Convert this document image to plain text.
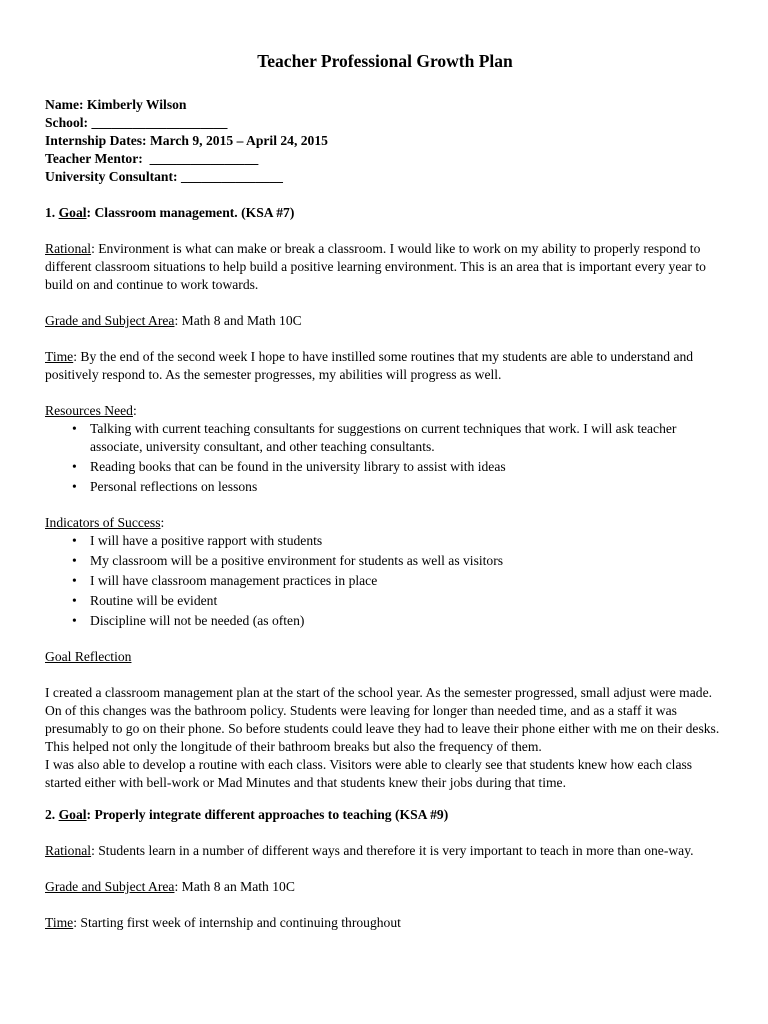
Teacher Professional Growth Plan
Name: Kimberly Wilson
School: ____________________
Internship Dates: March 9, 2015 – April 24, 2015
Teacher Mentor:  ________________
University Consultant: _______________
1. Goal: Classroom management. (KSA #7)

Rational: Environment is what can make or break a classroom. I would like to work on my ability to properly respond to different classroom situations to help build a positive learning environment. This is an area that is important every year to build on and continue to work towards.

Grade and Subject Area: Math 8 and Math 10C

Time: By the end of the second week I hope to have instilled some routines that my students are able to understand and positively respond to. As the semester progresses, my abilities will progress as well.

Resources Need:

• Talking with current teaching consultants for suggestions on current techniques that work. I will ask teacher associate, university consultant, and other teaching consultants.
• Reading books that can be found in the university library to assist with ideas
• Personal reflections on lessons

Indicators of Success:

• I will have a positive rapport with students
• My classroom will be a positive environment for students as well as visitors
• I will have classroom management practices in place
• Routine will be evident
• Discipline will not be needed (as often)

Goal Reflection

I created a classroom management plan at the start of the school year. As the semester progressed, small adjust were made. On of this changes was the bathroom policy. Students were leaving for longer than needed time, and as a staff it was presumably to go on their phone. So before students could leave they had to leave their phone either with me on their desks. This helped not only the longitude of their bathroom breaks but also the frequency of them.

I was also able to develop a routine with each class. Visitors were able to clearly see that students knew how each class started either with bell-work or Mad Minutes and that students knew their jobs during that time.

2. Goal: Properly integrate different approaches to teaching (KSA #9)

Rational: Students learn in a number of different ways and therefore it is very important to teach in more than one-way.

Grade and Subject Area: Math 8 an Math 10C

Time: Starting first week of internship and continuing throughout
